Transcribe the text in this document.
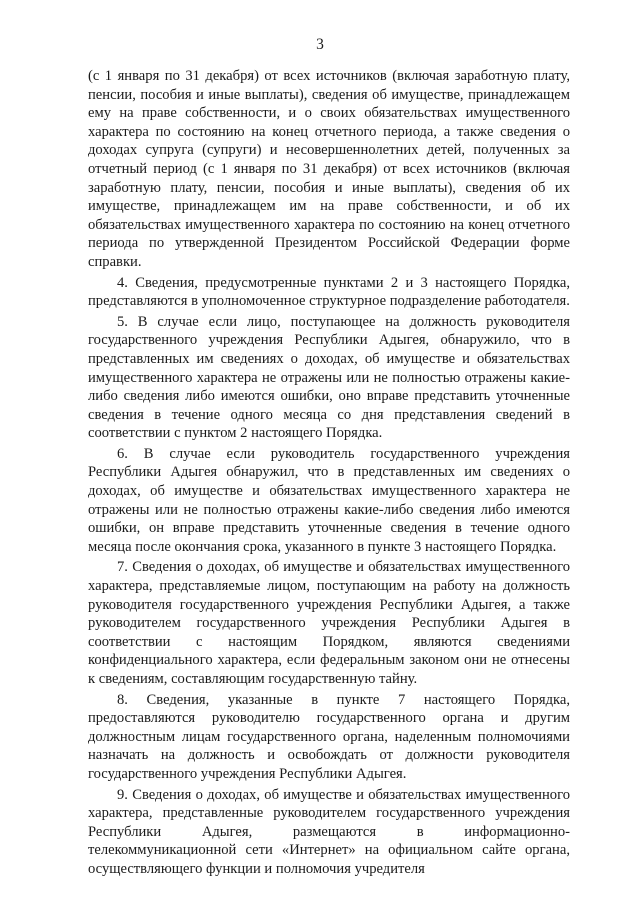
3

(с 1 января по 31 декабря) от всех источников (включая заработную плату, пенсии, пособия и иные выплаты), сведения об имуществе, принадлежащем ему на праве собственности, и о своих обязательствах имущественного характера по состоянию на конец отчетного периода, а также сведения о доходах супруга (супруги) и несовершеннолетних детей, полученных за отчетный период (с 1 января по 31 декабря) от всех источников (включая заработную плату, пенсии, пособия и иные выплаты), сведения об их имуществе, принадлежащем им на праве собственности, и об их обязательствах имущественного характера по состоянию на конец отчетного периода по утвержденной Президентом Российской Федерации форме справки.

4. Сведения, предусмотренные пунктами 2 и 3 настоящего Порядка, представляются в уполномоченное структурное подразделение работодателя.

5. В случае если лицо, поступающее на должность руководителя государственного учреждения Республики Адыгея, обнаружило, что в представленных им сведениях о доходах, об имуществе и обязательствах имущественного характера не отражены или не полностью отражены какие-либо сведения либо имеются ошибки, оно вправе представить уточненные сведения в течение одного месяца со дня представления сведений в соответствии с пунктом 2 настоящего Порядка.

6. В случае если руководитель государственного учреждения Республики Адыгея обнаружил, что в представленных им сведениях о доходах, об имуществе и обязательствах имущественного характера не отражены или не полностью отражены какие-либо сведения либо имеются ошибки, он вправе представить уточненные сведения в течение одного месяца после окончания срока, указанного в пункте 3 настоящего Порядка.

7. Сведения о доходах, об имуществе и обязательствах имущественного характера, представляемые лицом, поступающим на работу на должность руководителя государственного учреждения Республики Адыгея, а также руководителем государственного учреждения Республики Адыгея в соответствии с настоящим Порядком, являются сведениями конфиденциального характера, если федеральным законом они не отнесены к сведениям, составляющим государственную тайну.

8. Сведения, указанные в пункте 7 настоящего Порядка, предоставляются руководителю государственного органа и другим должностным лицам государственного органа, наделенным полномочиями назначать на должность и освобождать от должности руководителя государственного учреждения Республики Адыгея.

9. Сведения о доходах, об имуществе и обязательствах имущественного характера, представленные руководителем государственного учреждения Республики Адыгея, размещаются в информационно-телекоммуникационной сети «Интернет» на официальном сайте органа, осуществляющего функции и полномочия учредителя
